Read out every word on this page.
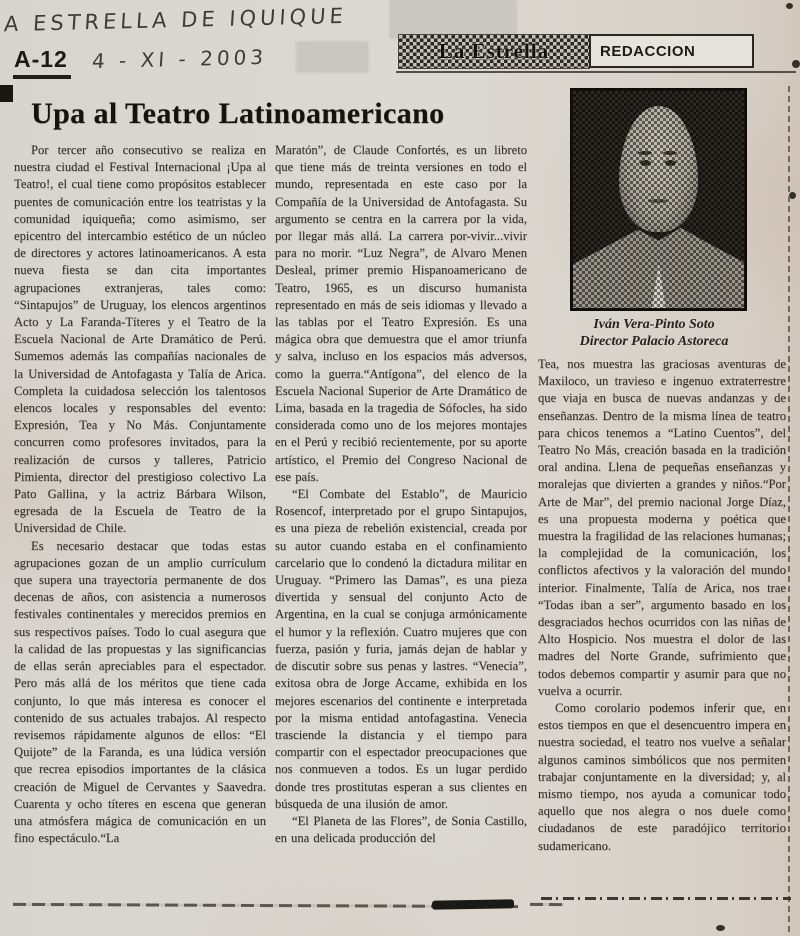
A ESTRELLA DE IQUIQUE
4 - XI - 2003
A-12	La Estrella	REDACCION
Upa al Teatro Latinoamericano

Por tercer año consecutivo se realiza en nuestra ciudad el Festival Internacional ¡Upa al Teatro!, el cual tiene como propósitos establecer puentes de comunicación entre los teatristas y la comunidad iquiqueña; como asimismo, ser epicentro del intercambio estético de un núcleo de directores y actores latinoamericanos. A esta nueva fiesta se dan cita importantes agrupaciones extranjeras, tales como: “Sintapujos” de Uruguay, los elencos argentinos Acto y La Faranda-Títeres y el Teatro de la Escuela Nacional de Arte Dramático de Perú. Sumemos además las compañías nacionales de la Universidad de Antofagasta y Talía de Arica. Completa la cuidadosa selección los talentosos elencos locales y responsables del evento: Expresión, Tea y No Más. Conjuntamente concurren como profesores invitados, para la realización de cursos y talleres, Patricio Pimienta, director del prestigioso colectivo La Pato Gallina, y la actriz Bárbara Wilson, egresada de la Escuela de Teatro de la Universidad de Chile.

Es necesario destacar que todas estas agrupaciones gozan de un amplio currículum que supera una trayectoria permanente de dos decenas de años, con asistencia a numerosos festivales continentales y merecidos premios en sus respectivos países. Todo lo cual asegura que la calidad de las propuestas y las significancias de ellas serán apreciables para el espectador. Pero más allá de los méritos que tiene cada conjunto, lo que más interesa es conocer el contenido de sus actuales trabajos. Al respecto revisemos rápidamente algunos de ellos: “El Quijote” de la Faranda, es una lúdica versión que recrea episodios importantes de la clásica creación de Miguel de Cervantes y Saavedra. Cuarenta y ocho títeres en escena que generan una atmósfera mágica de comunicación en un fino espectáculo.“La

Maratón”, de Claude Confortés, es un libreto que tiene más de treinta versiones en todo el mundo, representada en este caso por la Compañía de la Universidad de Antofagasta. Su argumento se centra en la carrera por la vida, por llegar más allá. La carrera por-vivir...vivir para no morir. “Luz Negra”, de Alvaro Menen Desleal, primer premio Hispanoamericano de Teatro, 1965, es un discurso humanista representado en más de seis idiomas y llevado a las tablas por el Teatro Expresión. Es una mágica obra que demuestra que el amor triunfa y salva, incluso en los espacios más adversos, como la guerra.“Antígona”, del elenco de la Escuela Nacional Superior de Arte Dramático de Lima, basada en la tragedia de Sófocles, ha sido considerada como uno de los mejores montajes en el Perú y recibió recientemente, por su aporte artístico, el Premio del Congreso Nacional de ese país.

“El Combate del Establo”, de Mauricio Rosencof, interpretado por el grupo Sintapujos, es una pieza de rebelión existencial, creada por su autor cuando estaba en el confinamiento carcelario que lo condenó la dictadura militar en Uruguay. “Primero las Damas”, es una pieza divertida y sensual del conjunto Acto de Argentina, en la cual se conjuga armónicamente el humor y la reflexión. Cuatro mujeres que con fuerza, pasión y furia, jamás dejan de hablar y de discutir sobre sus penas y lastres. “Venecia”, exitosa obra de Jorge Accame, exhibida en los mejores escenarios del continente e interpretada por la misma entidad antofagastina. Venecia trasciende la distancia y el tiempo para compartir con el espectador preocupaciones que nos conmueven a todos. Es un lugar perdido donde tres prostitutas esperan a sus clientes en búsqueda de una ilusión de amor.

“El Planeta de las Flores”, de Sonia Castillo, en una delicada producción del

Iván Vera-Pinto Soto
Director Palacio Astoreca

Tea, nos muestra las graciosas aventuras de Maxiloco, un travieso e ingenuo extraterrestre que viaja en busca de nuevas andanzas y de enseñanzas. Dentro de la misma línea de teatro para chicos tenemos a “Latino Cuentos”, del Teatro No Más, creación basada en la tradición oral andina. Llena de pequeñas enseñanzas y moralejas que divierten a grandes y niños.“Por Arte de Mar”, del premio nacional Jorge Díaz, es una propuesta moderna y poética que muestra la fragilidad de las relaciones humanas; la complejidad de la comunicación, los conflictos afectivos y la valoración del mundo interior. Finalmente, Talía de Arica, nos trae “Todas iban a ser”, argumento basado en los desgraciados hechos ocurridos con las niñas de Alto Hospicio. Nos muestra el dolor de las madres del Norte Grande, sufrimiento que todos debemos compartir y asumir para que no vuelva a ocurrir.

Como corolario podemos inferir que, en estos tiempos en que el desencuentro impera en nuestra sociedad, el teatro nos vuelve a señalar algunos caminos simbólicos que nos permiten trabajar conjuntamente en la diversidad; y, al mismo tiempo, nos ayuda a comunicar todo aquello que nos alegra o nos duele como ciudadanos de este paradójico territorio sudamericano.
